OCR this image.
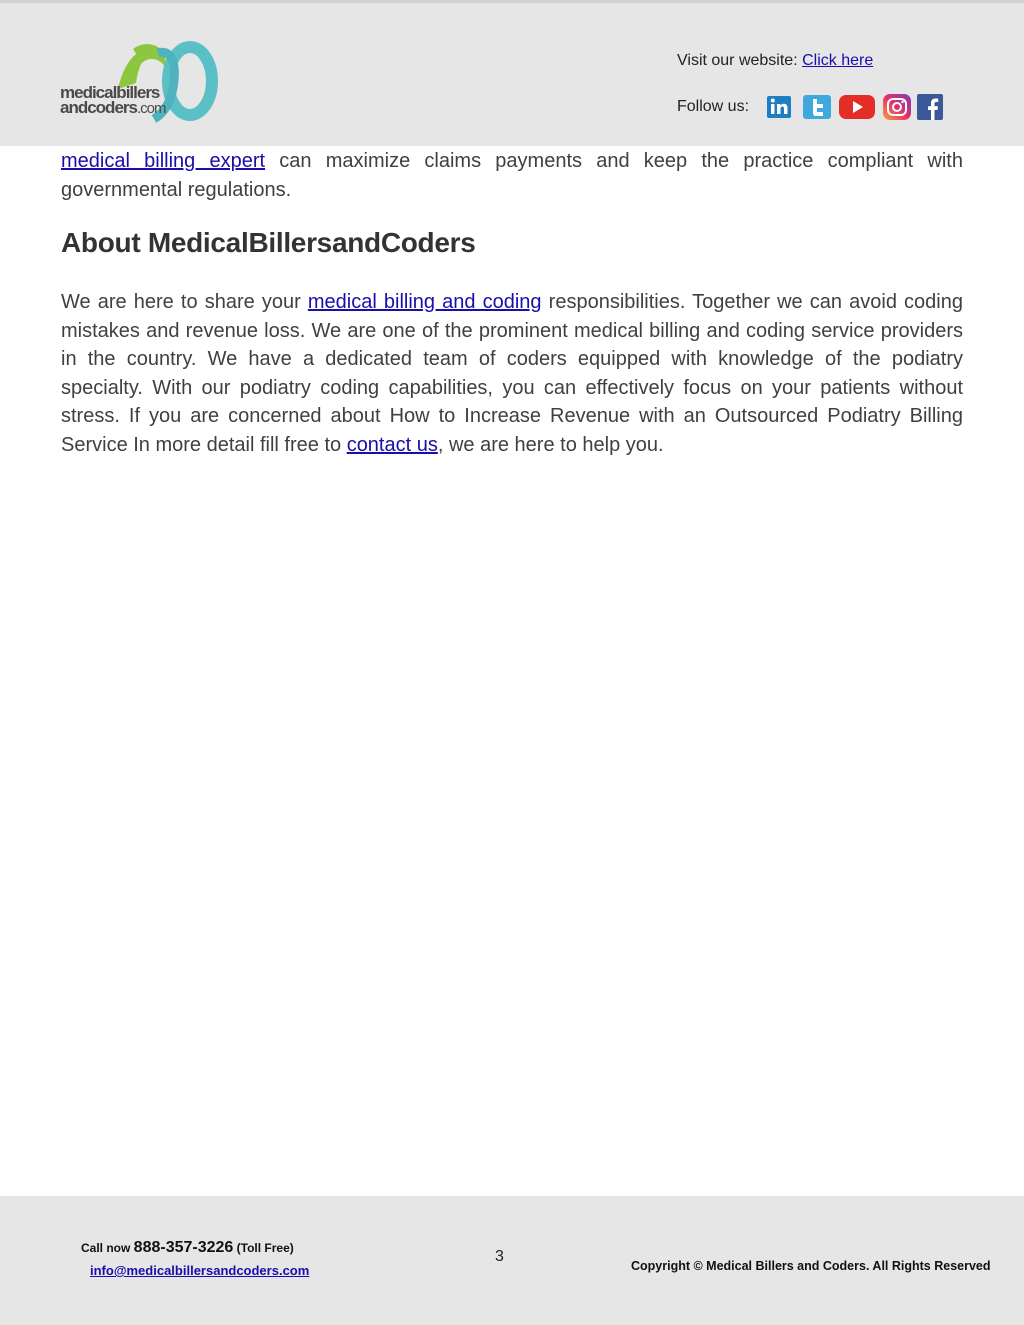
medicalbillers
andcoders.com
Visit our website: Click here
Follow us:

medical billing expert can maximize claims payments and keep the practice compliant with governmental regulations.

About MedicalBillersandCoders

We are here to share your medical billing and coding responsibilities. Together we can avoid coding mistakes and revenue loss. We are one of the prominent medical billing and coding service providers in the country. We have a dedicated team of coders equipped with knowledge of the podiatry specialty. With our podiatry coding capabilities, you can effectively focus on your patients without stress. If you are concerned about How to Increase Revenue with an Outsourced Podiatry Billing Service In more detail fill free to contact us, we are here to help you.

Call now 888-357-3226 (Toll Free)
info@medicalbillersandcoders.com
3
Copyright © Medical Billers and Coders. All Rights Reserved
